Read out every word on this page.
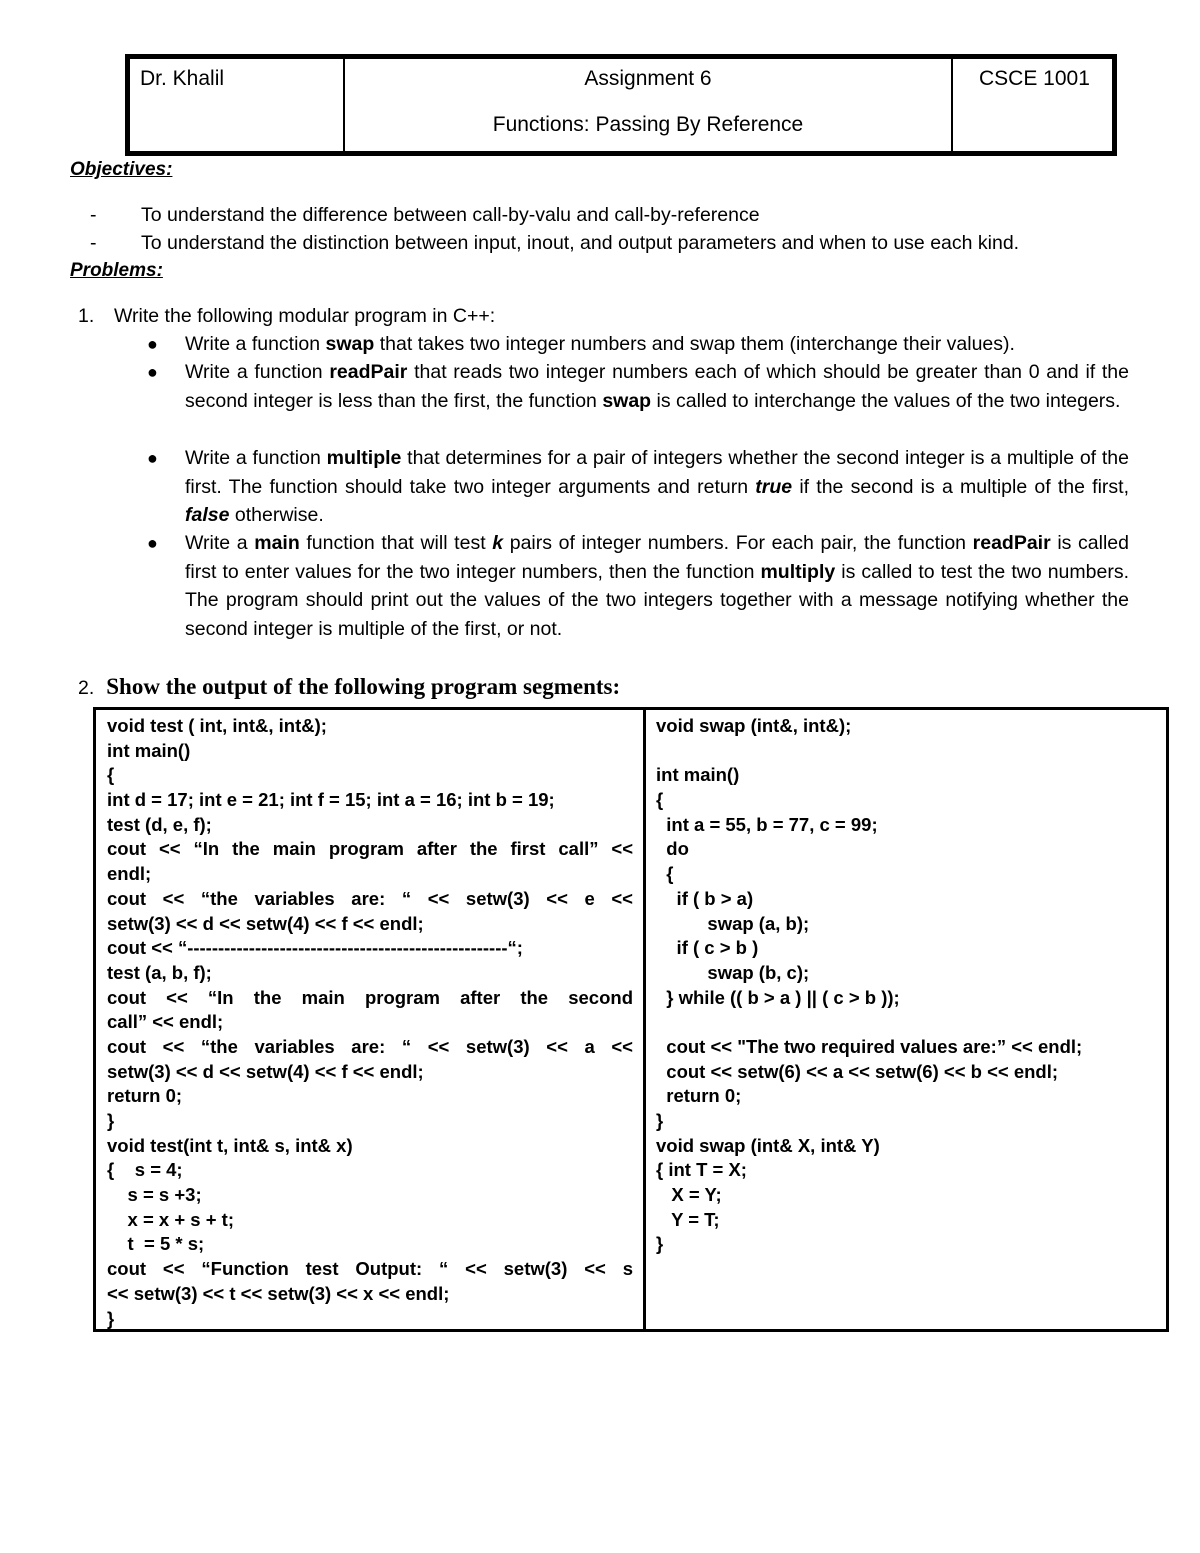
Dr. Khalil	Assignment 6
Functions: Passing By Reference
CSCE 1001
Objectives:
- To understand the difference between call-by-valu and call-by-reference
- To understand the distinction between input, inout, and output parameters and when to use each kind.
Problems:
1. Write the following modular program in C++:
● Write a function swap that takes two integer numbers and swap them (interchange their values).
● Write a function readPair that reads two integer numbers each of which should be greater than 0 and if the second integer is less than the first, the function swap is called to interchange the values of the two integers.
● Write a function multiple that determines for a pair of integers whether the second integer is a multiple of the first. The function should take two integer arguments and return true if the second is a multiple of the first, false otherwise.
● Write a main function that will test k pairs of integer numbers. For each pair, the function readPair is called first to enter values for the two integer numbers, then the function multiply is called to test the two numbers. The program should print out the values of the two integers together with a message notifying whether the second integer is multiple of the first, or not.
2. Show the output of the following program segments:
void test ( int, int&, int&);
int main()
{
int d = 17; int e = 21; int f = 15; int a = 16; int b = 19;
test (d, e, f);
cout << “In the main program after the first call” <<
endl;
cout << “the variables are: “ << setw(3) << e <<
setw(3) << d << setw(4) << f << endl;
cout << “----------------------------------------------------“;
test (a, b, f);
cout << “In the main program after the second
call” << endl;
cout << “the variables are: “ << setw(3) << a <<
setw(3) << d << setw(4) << f << endl;
return 0;
}
void test(int t, int& s, int& x)
{    s = 4;
s = s +3;
x = x + s + t;
t  = 5 * s;
cout << “Function test Output: “ << setw(3) << s
<< setw(3) << t << setw(3) << x << endl;
}
void swap (int&, int&);
int main()
{
int a = 55, b = 77, c = 99;
do
{
if ( b > a)
swap (a, b);
if ( c > b )
swap (b, c);
} while (( b > a ) || ( c > b ));
cout << "The two required values are:” << endl;
cout << setw(6) << a << setw(6) << b << endl;
return 0;
}
void swap (int& X, int& Y)
{ int T = X;
X = Y;
Y = T;
}
